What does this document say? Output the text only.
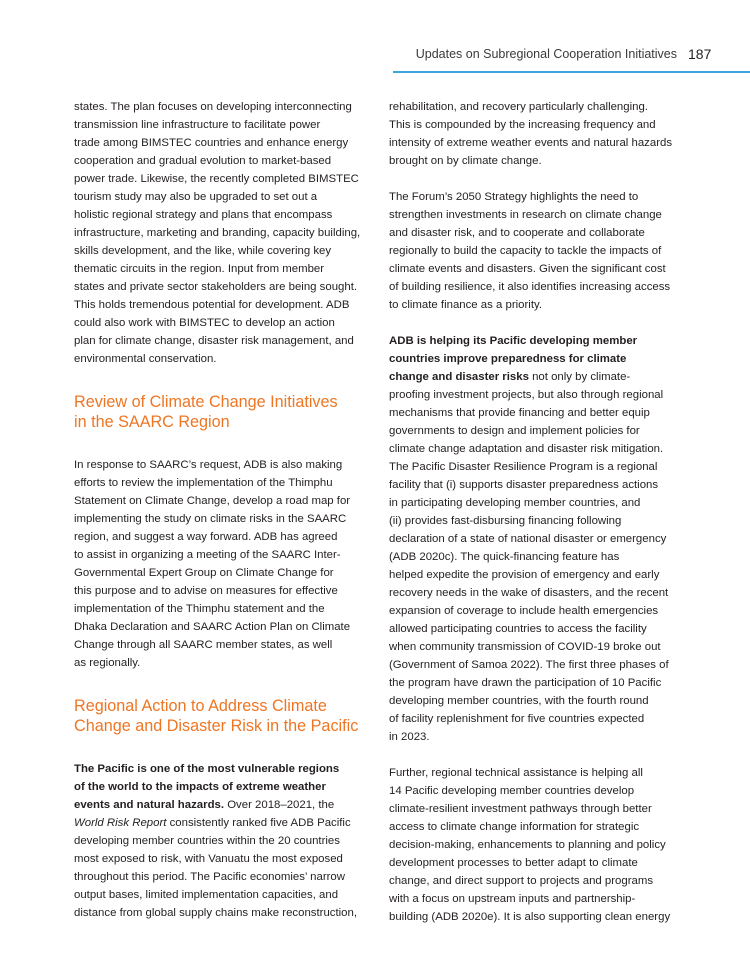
Updates on Subregional Cooperation Initiatives 187
states. The plan focuses on developing interconnecting
transmission line infrastructure to facilitate power
trade among BIMSTEC countries and enhance energy
cooperation and gradual evolution to market-based
power trade. Likewise, the recently completed BIMSTEC
tourism study may also be upgraded to set out a
holistic regional strategy and plans that encompass
infrastructure, marketing and branding, capacity building,
skills development, and the like, while covering key
thematic circuits in the region. Input from member
states and private sector stakeholders are being sought.
This holds tremendous potential for development. ADB
could also work with BIMSTEC to develop an action
plan for climate change, disaster risk management, and
environmental conservation.
Review of Climate Change Initiatives
in the SAARC Region
In response to SAARC’s request, ADB is also making
efforts to review the implementation of the Thimphu
Statement on Climate Change, develop a road map for
implementing the study on climate risks in the SAARC
region, and suggest a way forward. ADB has agreed
to assist in organizing a meeting of the SAARC Inter-
Governmental Expert Group on Climate Change for
this purpose and to advise on measures for effective
implementation of the Thimphu statement and the
Dhaka Declaration and SAARC Action Plan on Climate
Change through all SAARC member states, as well
as regionally.
Regional Action to Address Climate
Change and Disaster Risk in the Pacific
The Pacific is one of the most vulnerable regions
of the world to the impacts of extreme weather
events and natural hazards. Over 2018–2021, the
World Risk Report consistently ranked five ADB Pacific
developing member countries within the 20 countries
most exposed to risk, with Vanuatu the most exposed
throughout this period. The Pacific economies’ narrow
output bases, limited implementation capacities, and
distance from global supply chains make reconstruction,
rehabilitation, and recovery particularly challenging.
This is compounded by the increasing frequency and
intensity of extreme weather events and natural hazards
brought on by climate change.
The Forum’s 2050 Strategy highlights the need to
strengthen investments in research on climate change
and disaster risk, and to cooperate and collaborate
regionally to build the capacity to tackle the impacts of
climate events and disasters. Given the significant cost
of building resilience, it also identifies increasing access
to climate finance as a priority.
ADB is helping its Pacific developing member
countries improve preparedness for climate
change and disaster risks not only by climate-
proofing investment projects, but also through regional
mechanisms that provide financing and better equip
governments to design and implement policies for
climate change adaptation and disaster risk mitigation.
The Pacific Disaster Resilience Program is a regional
facility that (i) supports disaster preparedness actions
in participating developing member countries, and
(ii) provides fast-disbursing financing following
declaration of a state of national disaster or emergency
(ADB 2020c). The quick-financing feature has
helped expedite the provision of emergency and early
recovery needs in the wake of disasters, and the recent
expansion of coverage to include health emergencies
allowed participating countries to access the facility
when community transmission of COVID-19 broke out
(Government of Samoa 2022). The first three phases of
the program have drawn the participation of 10 Pacific
developing member countries, with the fourth round
of facility replenishment for five countries expected
in 2023.
Further, regional technical assistance is helping all
14 Pacific developing member countries develop
climate-resilient investment pathways through better
access to climate change information for strategic
decision-making, enhancements to planning and policy
development processes to better adapt to climate
change, and direct support to projects and programs
with a focus on upstream inputs and partnership-
building (ADB 2020e). It is also supporting clean energy
